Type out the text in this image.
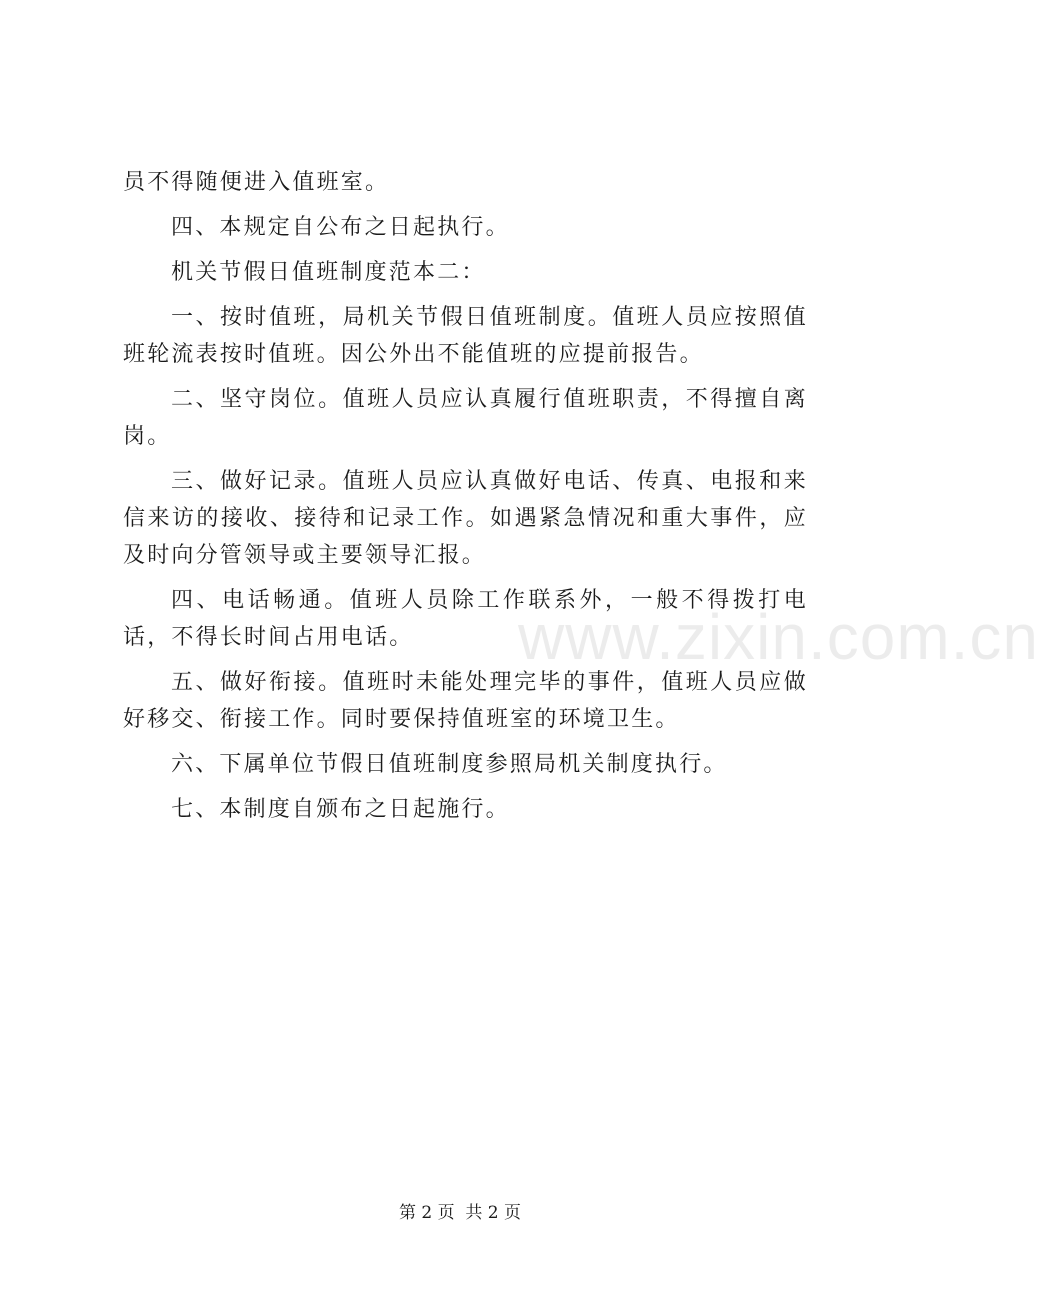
www.zixin.com.cn

员不得随便进入值班室。

四、本规定自公布之日起执行。

机关节假日值班制度范本二：

一、按时值班，局机关节假日值班制度。值班人员应按照值班轮流表按时值班。因公外出不能值班的应提前报告。

二、坚守岗位。值班人员应认真履行值班职责，不得擅自离岗。

三、做好记录。值班人员应认真做好电话、传真、电报和来信来访的接收、接待和记录工作。如遇紧急情况和重大事件，应及时向分管领导或主要领导汇报。

四、电话畅通。值班人员除工作联系外，一般不得拨打电话，不得长时间占用电话。

五、做好衔接。值班时未能处理完毕的事件，值班人员应做好移交、衔接工作。同时要保持值班室的环境卫生。

六、下属单位节假日值班制度参照局机关制度执行。

七、本制度自颁布之日起施行。

第 2 页  共 2 页
